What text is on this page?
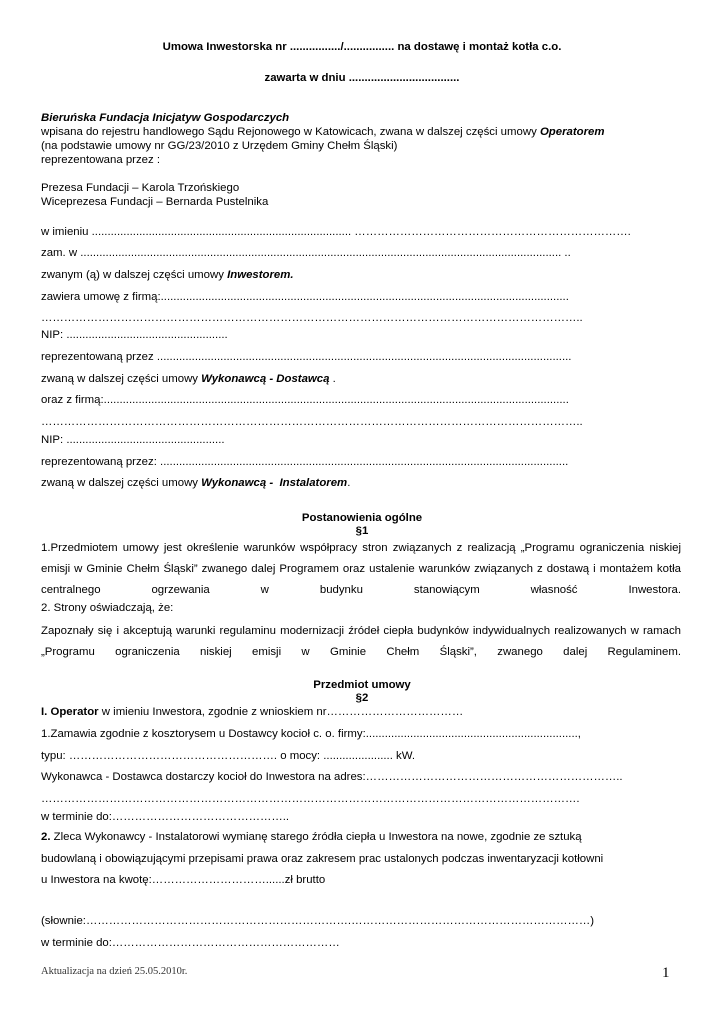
Umowa Inwestorska nr ................/................ na dostawę i montaż kotła c.o.
zawarta w dniu ...................................
Bieruńska Fundacja Inicjatyw Gospodarczych
wpisana do rejestru handlowego Sądu Rejonowego w Katowicach, zwana w dalszej części umowy Operatorem
(na podstawie umowy nr GG/23/2010 z Urzędem Gminy Chełm Śląski)
reprezentowana przez :
Prezesa Fundacji – Karola Trzońskiego
Wiceprezesa Fundacji – Bernarda Pustelnika
w imieniu .................................................................................. ……………………………………………………………….
zam. w ........................................................................................................................................................ ..
zwanym (ą) w dalszej części umowy Inwestorem.
zawiera umowę z firmą:.................................................................................................................................
……………………………………………………………………………………………………………………………..
NIP: ...................................................
reprezentowaną przez ...................................................................................................................................
zwaną w dalszej części umowy Wykonawcą - Dostawcą .
oraz z firmą:...................................................................................................................................................
……………………………………………………………………………………………………………………………..
NIP: ..................................................
reprezentowaną przez: .................................................................................................................................
zwaną w dalszej części umowy Wykonawcą -  Instalatorem.
Postanowienia ogólne
§1
1.Przedmiotem umowy jest określenie warunków współpracy stron związanych z realizacją „Programu ograniczenia niskiej emisji w Gminie Chełm Śląski” zwanego dalej Programem oraz ustalenie warunków związanych z dostawą i montażem kotła centralnego ogrzewania w budynku stanowiącym własność Inwestora.
2. Strony oświadczają, że:
Zapoznały się i akceptują warunki regulaminu modernizacji źródeł ciepła budynków indywidualnych realizowanych w ramach „Programu ograniczenia niskiej emisji w Gminie Chełm Śląski”, zwanego dalej Regulaminem.
Przedmiot umowy
§2
I. Operator w imieniu Inwestora, zgodnie z wnioskiem nr………………………………
1.Zamawia zgodnie z kosztorysem u Dostawcy kocioł c. o. firmy:...................................................................,
typu: ………………………………………………. o mocy: ...................... kW.
Wykonawca - Dostawca dostarczy kocioł do Inwestora na adres:…………………………………………………………..
…………………………………………………………………………………………………………………………….
w terminie do:………………………………………..
2. Zleca Wykonawcy - Instalatorowi wymianę starego źródła ciepła u Inwestora na nowe, zgodnie ze sztuką
budowlaną i obowiązującymi przepisami prawa oraz zakresem prac ustalonych podczas inwentaryzacji kotłowni
u Inwestora na kwotę:…………………………......zł brutto
(słownie:…………………………………………………………….………………………………………………………)
w terminie do:……………………………………………………
Aktualizacja na dzień 25.05.2010r.	1
